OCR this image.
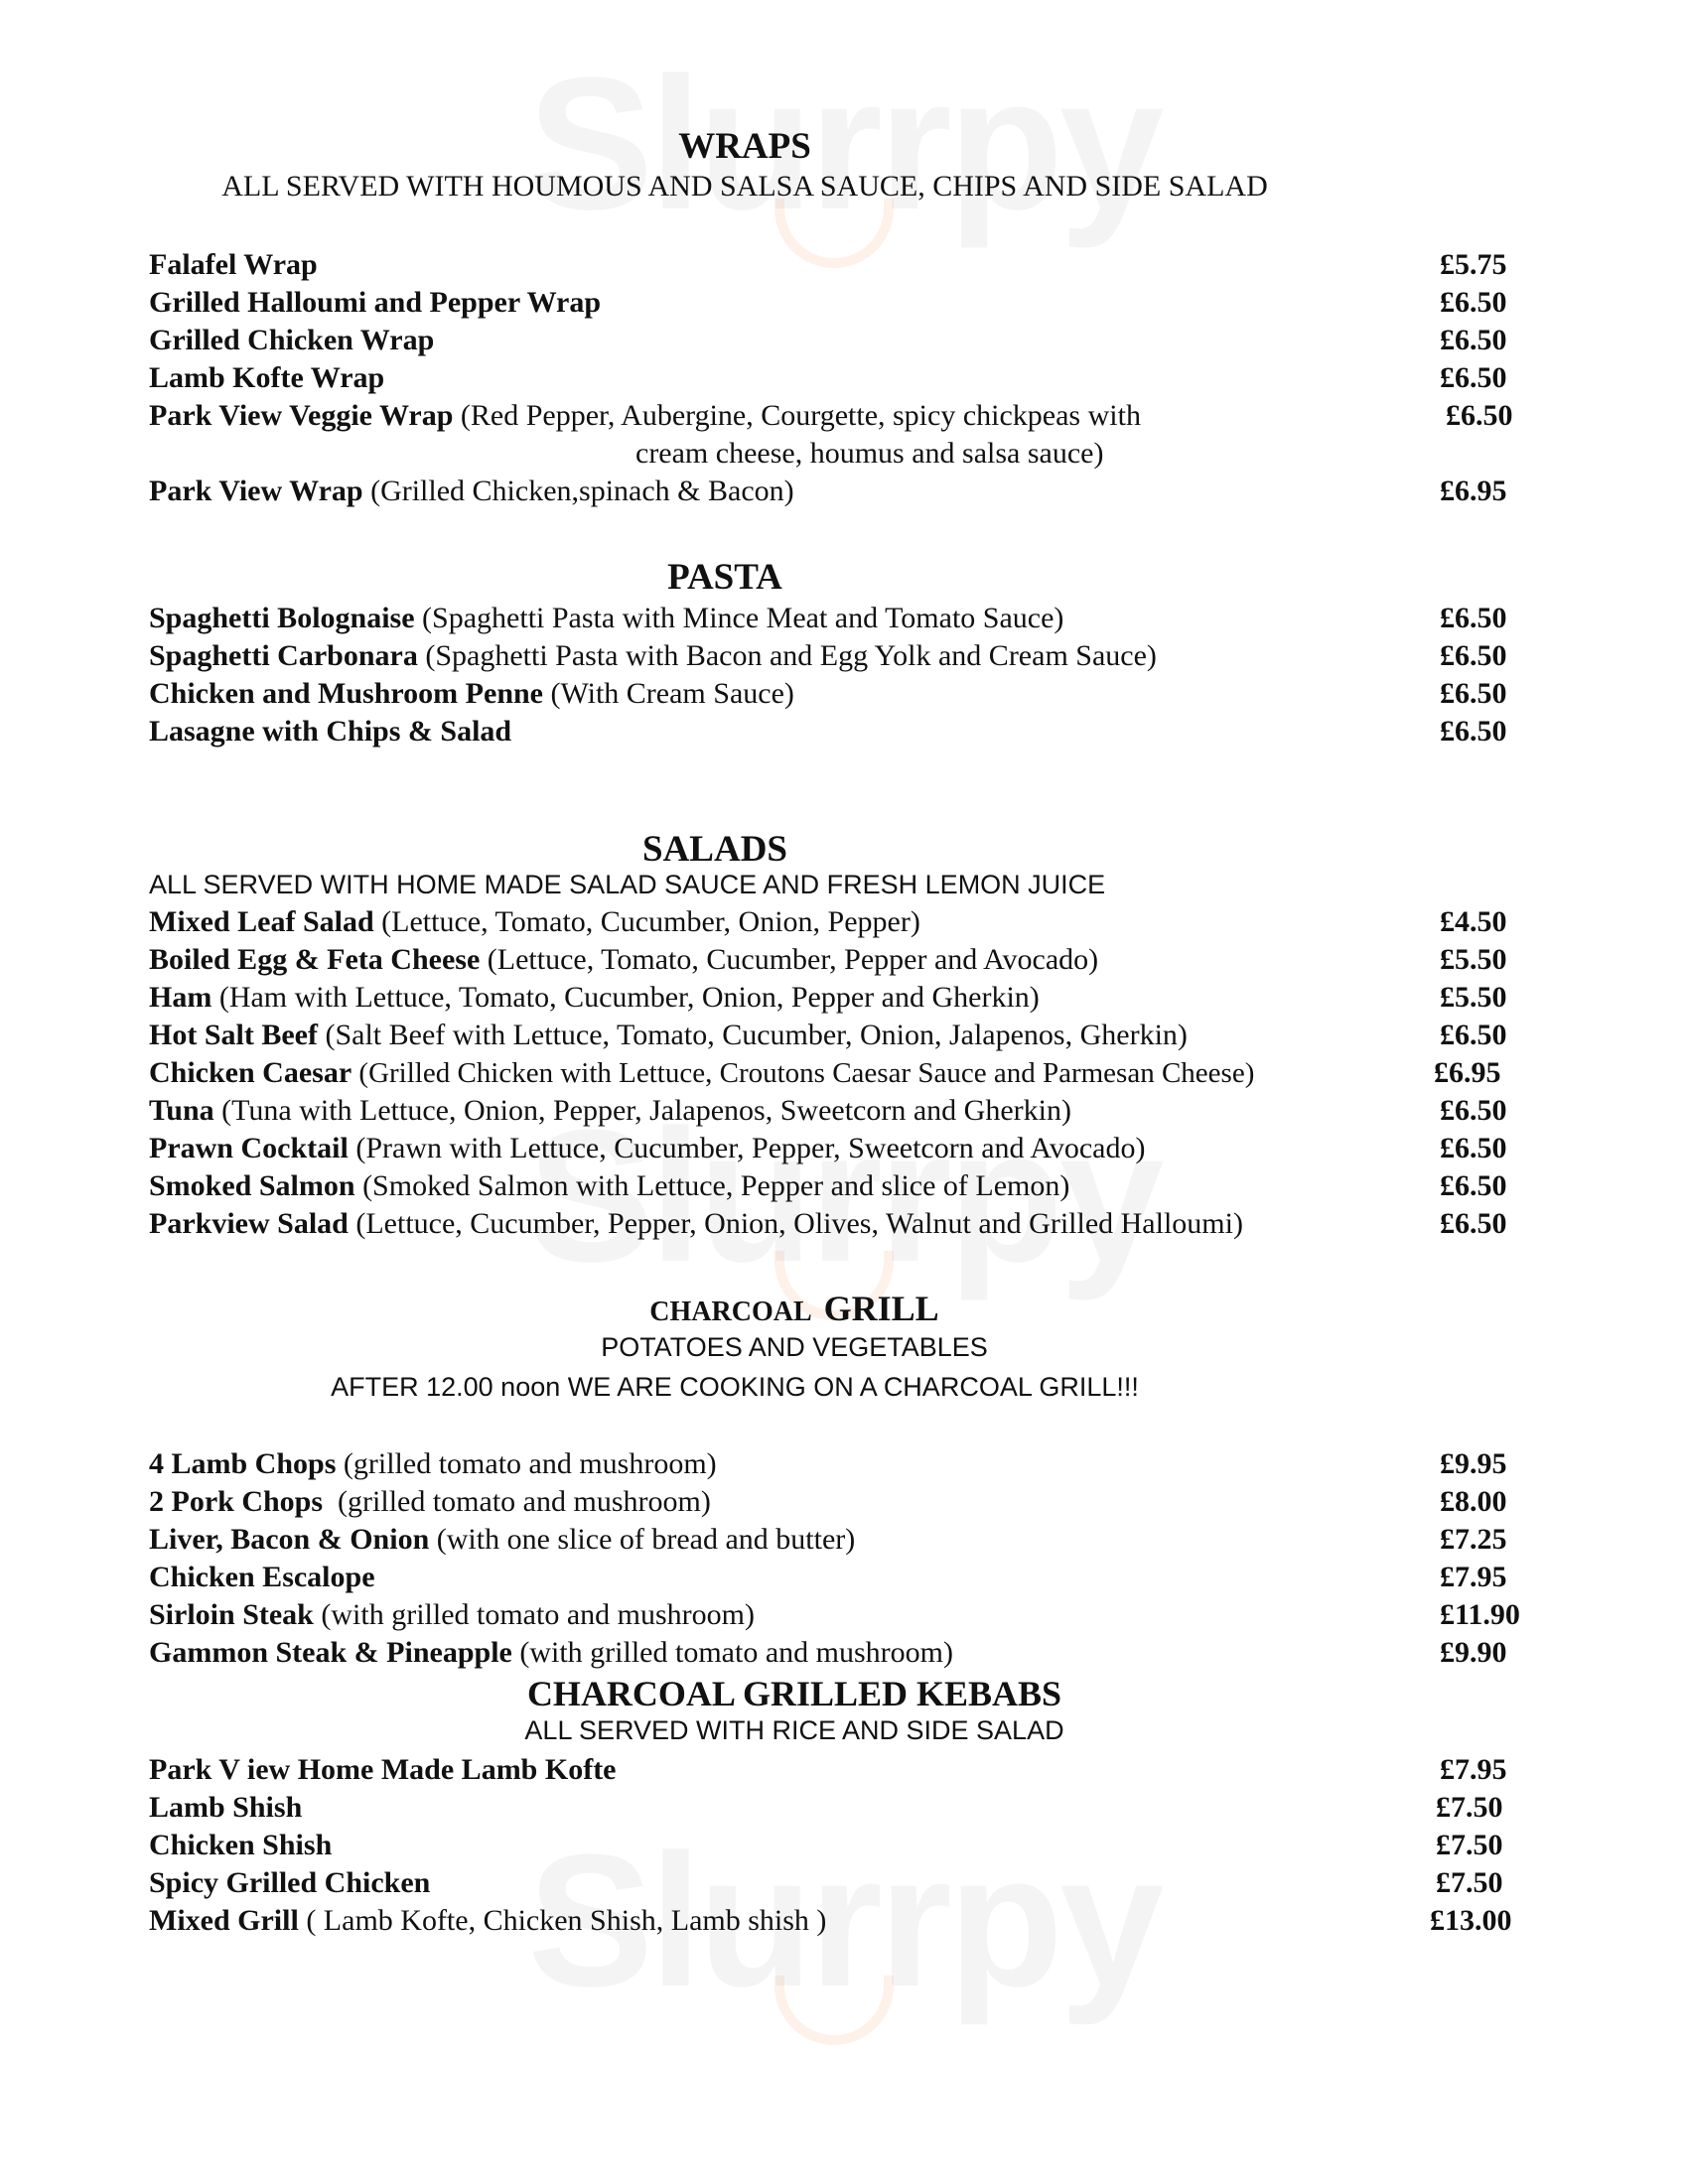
WRAPS
ALL SERVED WITH HOUMOUS AND SALSA SAUCE, CHIPS AND SIDE SALAD
Falafel Wrap	£5.75
Grilled Halloumi and Pepper Wrap	£6.50
Grilled Chicken Wrap	£6.50
Lamb Kofte Wrap	£6.50
Park View Veggie Wrap (Red Pepper, Aubergine, Courgette, spicy chickpeas with	£6.50
cream cheese, houmus and salsa sauce)
Park View Wrap (Grilled Chicken,spinach & Bacon)	£6.95
PASTA
Spaghetti Bolognaise (Spaghetti Pasta with Mince Meat and Tomato Sauce)	£6.50
Spaghetti Carbonara (Spaghetti Pasta with Bacon and Egg Yolk and Cream Sauce)	£6.50
Chicken and Mushroom Penne (With Cream Sauce)	£6.50
Lasagne with Chips & Salad	£6.50
SALADS
ALL SERVED WITH HOME MADE SALAD SAUCE AND FRESH LEMON JUICE
Mixed Leaf Salad (Lettuce, Tomato, Cucumber, Onion, Pepper)	£4.50
Boiled Egg & Feta Cheese (Lettuce, Tomato, Cucumber, Pepper and Avocado)	£5.50
Ham (Ham with Lettuce, Tomato, Cucumber, Onion, Pepper and Gherkin)	£5.50
Hot Salt Beef (Salt Beef with Lettuce, Tomato, Cucumber, Onion, Jalapenos, Gherkin)	£6.50
Chicken Caesar (Grilled Chicken with Lettuce, Croutons Caesar Sauce and Parmesan Cheese)	£6.95
Tuna (Tuna with Lettuce, Onion, Pepper, Jalapenos, Sweetcorn and Gherkin)	£6.50
Prawn Cocktail (Prawn with Lettuce, Cucumber, Pepper, Sweetcorn and Avocado)	£6.50
Smoked Salmon (Smoked Salmon with Lettuce, Pepper and slice of Lemon)	£6.50
Parkview Salad (Lettuce, Cucumber, Pepper, Onion, Olives, Walnut and Grilled Halloumi)	£6.50
CHARCOAL GRILL
POTATOES AND VEGETABLES
AFTER 12.00 noon WE ARE COOKING ON A CHARCOAL GRILL!!!
4 Lamb Chops (grilled tomato and mushroom)	£9.95
2 Pork Chops  (grilled tomato and mushroom)	£8.00
Liver, Bacon & Onion (with one slice of bread and butter)	£7.25
Chicken Escalope	£7.95
Sirloin Steak (with grilled tomato and mushroom)	£11.90
Gammon Steak & Pineapple (with grilled tomato and mushroom)	£9.90
CHARCOAL GRILLED KEBABS
ALL SERVED WITH RICE AND SIDE SALAD
Park V iew Home Made Lamb Kofte	£7.95
Lamb Shish	£7.50
Chicken Shish	£7.50
Spicy Grilled Chicken	£7.50
Mixed Grill ( Lamb Kofte, Chicken Shish, Lamb shish )	£13.00
